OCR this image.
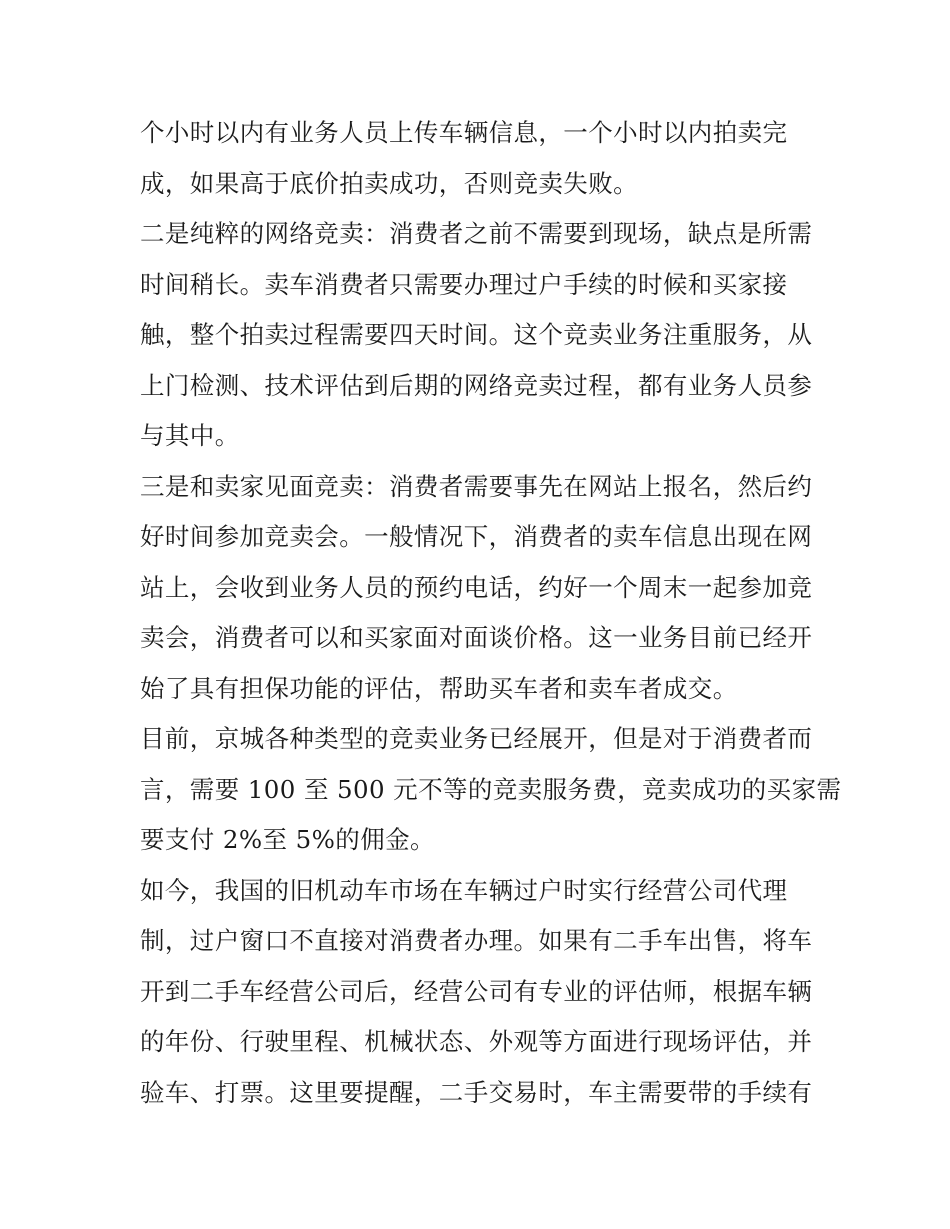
个小时以内有业务人员上传车辆信息，一个小时以内拍卖完
成，如果高于底价拍卖成功，否则竞卖失败。
二是纯粹的网络竞卖：消费者之前不需要到现场，缺点是所需
时间稍长。卖车消费者只需要办理过户手续的时候和买家接
触，整个拍卖过程需要四天时间。这个竞卖业务注重服务，从
上门检测、技术评估到后期的网络竞卖过程，都有业务人员参
与其中。
三是和卖家见面竞卖：消费者需要事先在网站上报名，然后约
好时间参加竞卖会。一般情况下，消费者的卖车信息出现在网
站上，会收到业务人员的预约电话，约好一个周末一起参加竞
卖会，消费者可以和买家面对面谈价格。这一业务目前已经开
始了具有担保功能的评估，帮助买车者和卖车者成交。
目前，京城各种类型的竞卖业务已经展开，但是对于消费者而
言，需要 100 至 500 元不等的竞卖服务费，竞卖成功的买家需
要支付 2%至 5%的佣金。
如今，我国的旧机动车市场在车辆过户时实行经营公司代理
制，过户窗口不直接对消费者办理。如果有二手车出售，将车
开到二手车经营公司后，经营公司有专业的评估师，根据车辆
的年份、行驶里程、机械状态、外观等方面进行现场评估，并
验车、打票。这里要提醒，二手交易时，车主需要带的手续有
